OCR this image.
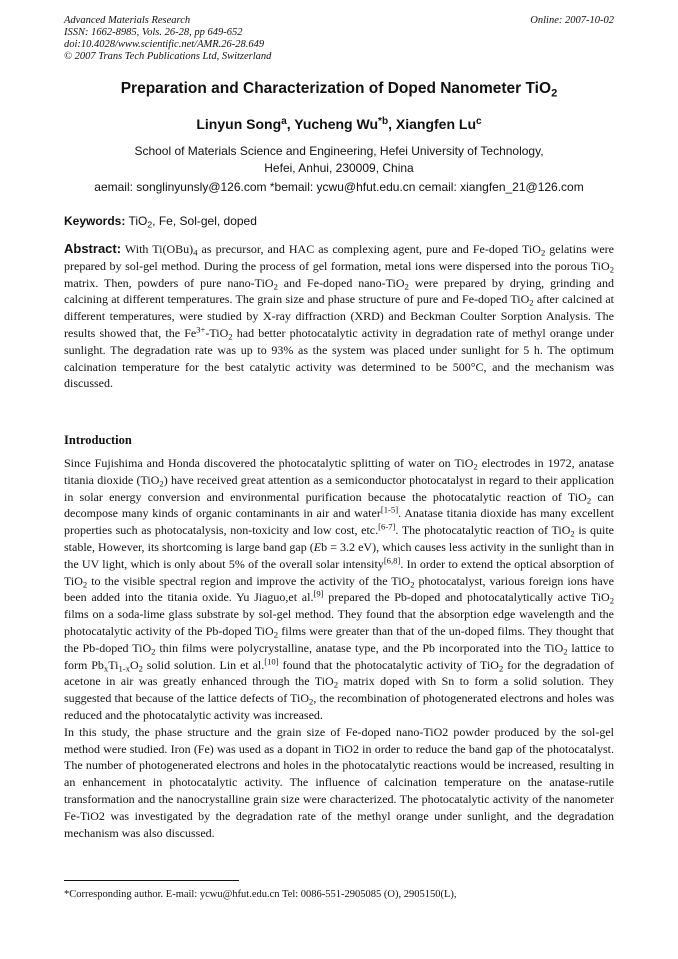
Advanced Materials Research
ISSN: 1662-8985, Vols. 26-28, pp 649-652
doi:10.4028/www.scientific.net/AMR.26-28.649
© 2007 Trans Tech Publications Ltd, Switzerland
Online: 2007-10-02
Preparation and Characterization of Doped Nanometer TiO$_2$
Linyun Song$^a$, Yucheng Wu$^{*b}$, Xiangfen Lu$^c$
School of Materials Science and Engineering, Hefei University of Technology,
Hefei, Anhui, 230009, China
aemail: songlinyunsly@126.com *bemail: ycwu@hfut.edu.cn cemail: xiangfen_21@126.com
Keywords: TiO$_2$, Fe, Sol-gel, doped
Abstract: With $Ti(OBu)_4$ as precursor, and HAC as complexing agent, pure and Fe-doped TiO$_2$ gelatins were prepared by sol-gel method. During the process of gel formation, metal ions were dispersed into the porous TiO$_2$ matrix. Then, powders of pure nano-TiO$_2$ and Fe-doped nano-TiO$_2$ were prepared by drying, grinding and calcining at different temperatures. The grain size and phase structure of pure and Fe-doped TiO$_2$ after calcined at different temperatures, were studied by X-ray diffraction (XRD) and Beckman Coulter Sorption Analysis. The results showed that, the $Fe^{3+}-TiO_2$ had better photocatalytic activity in degradation rate of methyl orange under sunlight. The degradation rate was up to 93% as the system was placed under sunlight for 5 h. The optimum calcination temperature for the best catalytic activity was determined to be 500°C, and the mechanism was discussed.
Introduction
Since Fujishima and Honda discovered the photocatalytic splitting of water on TiO$_2$ electrodes in 1972, anatase titania dioxide (TiO$_2$) have received great attention as a semiconductor photocatalyst in regard to their application in solar energy conversion and environmental purification because the photocatalytic reaction of TiO$_2$ can decompose many kinds of organic contaminants in air and water[1-5]. Anatase titania dioxide has many excellent properties such as photocatalysis, non-toxicity and low cost, etc.[6-7]. The photocatalytic reaction of TiO$_2$ is quite stable, However, its shortcoming is large band gap (Eb = 3.2 eV), which causes less activity in the sunlight than in the UV light, which is only about 5% of the overall solar intensity[6,8]. In order to extend the optical absorption of TiO$_2$ to the visible spectral region and improve the activity of the TiO$_2$ photocatalyst, various foreign ions have been added into the titania oxide. Yu Jiaguo,et al.[9] prepared the Pb-doped and photocatalytically active TiO$_2$ films on a soda-lime glass substrate by sol-gel method. They found that the absorption edge wavelength and the photocatalytic activity of the Pb-doped TiO$_2$ films were greater than that of the un-doped films. They thought that the Pb-doped TiO$_2$ thin films were polycrystalline, anatase type, and the Pb incorporated into the TiO$_2$ lattice to form $Pb_xTi_{1-x}O_2$ solid solution. Lin et al.[10] found that the photocatalytic activity of TiO$_2$ for the degradation of acetone in air was greatly enhanced through the TiO$_2$ matrix doped with Sn to form a solid solution. They suggested that because of the lattice defects of TiO$_2$, the recombination of photogenerated electrons and holes was reduced and the photocatalytic activity was increased.
In this study, the phase structure and the grain size of Fe-doped nano-TiO2 powder produced by the sol-gel method were studied. Iron (Fe) was used as a dopant in TiO2 in order to reduce the band gap of the photocatalyst. The number of photogenerated electrons and holes in the photocatalytic reactions would be increased, resulting in an enhancement in photocatalytic activity. The influence of calcination temperature on the anatase-rutile transformation and the nanocrystalline grain size were characterized. The photocatalytic activity of the nanometer Fe-TiO2 was investigated by the degradation rate of the methyl orange under sunlight, and the degradation mechanism was also discussed.
*Corresponding author. E-mail: ycwu@hfut.edu.cn Tel: 0086-551-2905085 (O), 2905150(L),
